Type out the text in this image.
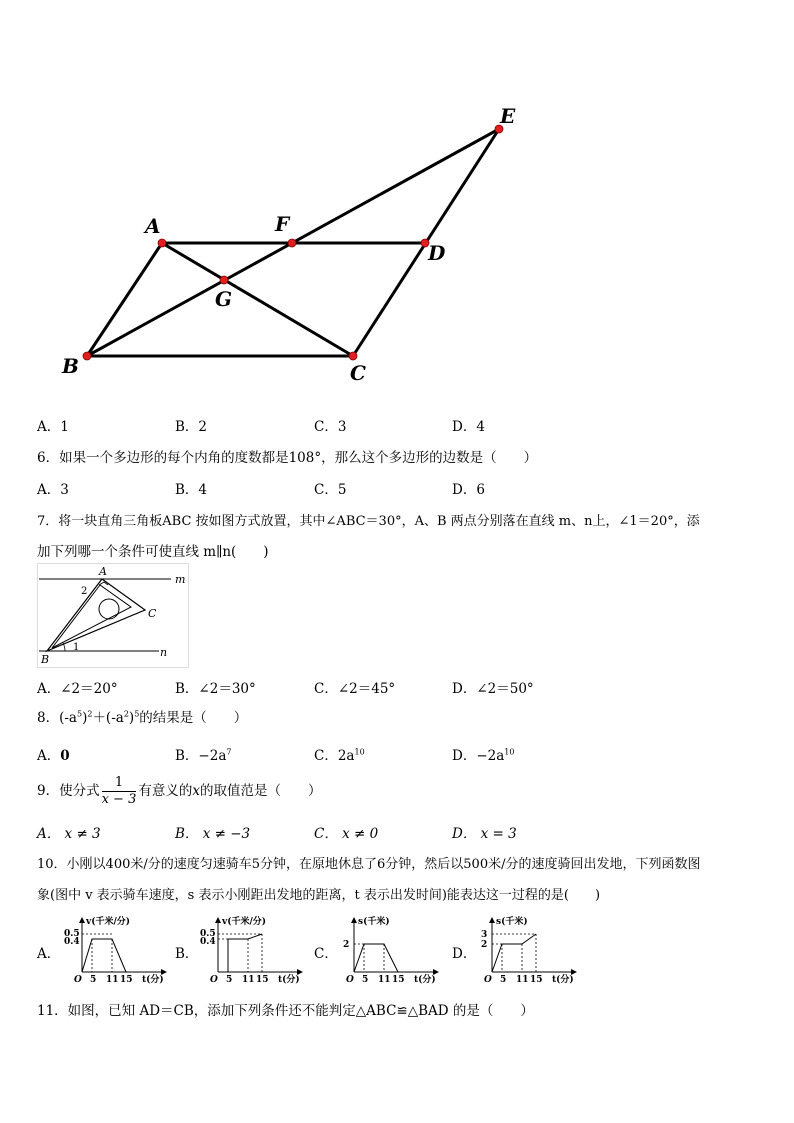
A
B	C
D
E
F
G
A．1	B．2	C．3	D．4
6．如果一个多边形的每个内角的度数都是108°，那么这个多边形的边数是（　　）
A．3	B．4	C．5	D．6
7．将一块直角三角板ABC 按如图方式放置，其中∠ABC＝30°，A、B 两点分别落在直线 m、n上，∠1＝20°，添
加下列哪一个条件可使直线 m∥n(　　)
A
B
C
m
n
1
2
A．∠2＝20°	B．∠2＝30°	C．∠2＝45°	D．∠2＝50°
8．$(-a^5)^2+(-a^2)^5$的结果是（　　）
A．0	B．$-2a^7$	C．$2a^{10}$	D．$-2a^{10}$
9．使分式 $\frac{1}{x - 3}$ 有意义的x的取值范是（　　）
A． x ≠ 3	B． x ≠ −3	C． x ≠ 0	D． x = 3
10．小刚以400米/分的速度匀速骑车5分钟，在原地休息了6分钟，然后以500米/分的速度骑回出发地，下列函数图
象(图中 v 表示骑车速度，s 表示小刚距出发地的距离，t 表示出发时间)能表达这一过程的是(　　)
A．	B．	C．	D．
v(千米/分)
0.5
0.4
O 5 11 15 t(分)
v(千米/分)
0.5
0.4
O 5 11 15 t(分)
s(千米)
2
O 5 11 15 t(分)
s(千米)
3
2
O 5 11 15 t(分)
11．如图，已知 AD＝CB，添加下列条件还不能判定△ABC≌△BAD 的是（　　）
